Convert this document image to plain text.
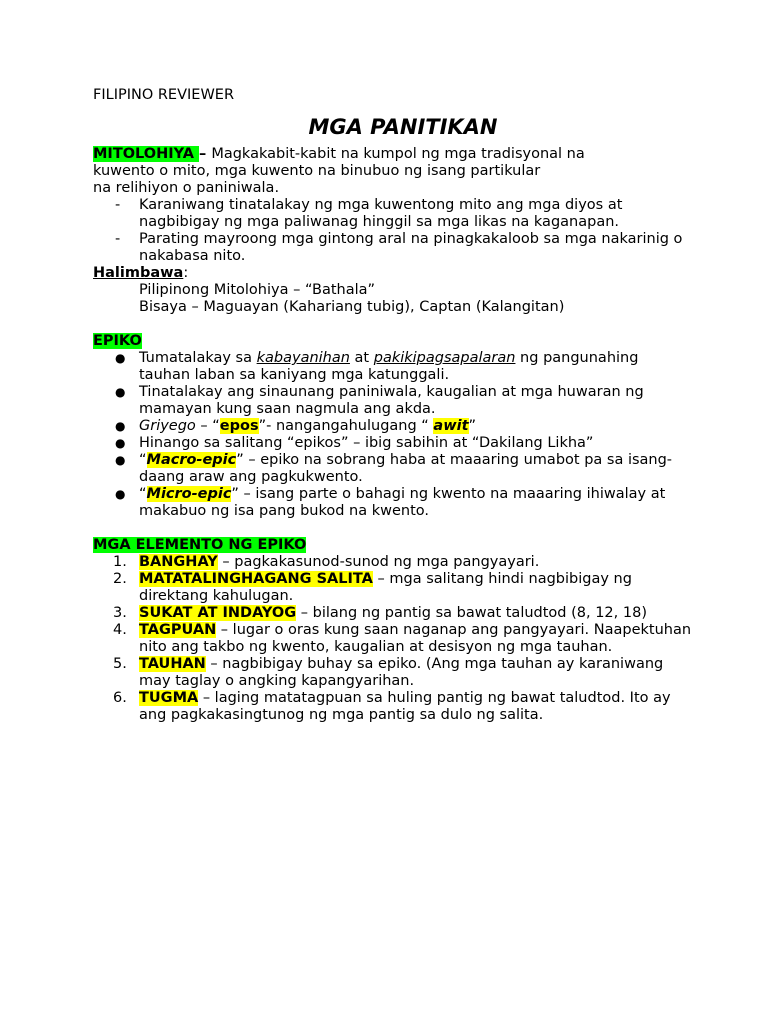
FILIPINO REVIEWER

MGA PANITIKAN

MITOLOHIYA – Magkakabit-kabit na kumpol ng mga tradisyonal na kuwento o mito, mga kuwento na binubuo ng isang partikular

na relihiyon o paniniwala.

- Karaniwang tinatalakay ng mga kuwentong mito ang mga diyos at nagbibigay ng mga paliwanag hinggil sa mga likas na kaganapan.
- Parating mayroong mga gintong aral na pinagkakaloob sa mga nakarinig o nakabasa nito.

Halimbawa:

Pilipinong Mitolohiya – “Bathala”

Bisaya – Maguayan (Kahariang tubig), Captan (Kalangitan)

EPIKO

● Tumatalakay sa kabayanihan at pakikipagsapalaran ng pangunahing tauhan laban sa kaniyang mga katunggali.
● Tinatalakay ang sinaunang paniniwala, kaugalian at mga huwaran ng mamayan kung saan nagmula ang akda.
● Griyego – “epos”- nangangahulugang “ awit”
● Hinango sa salitang “epikos” – ibig sabihin at “Dakilang Likha”
● “Macro-epic” – epiko na sobrang haba at maaaring umabot pa sa isang-daang araw ang pagkukwento.
● “Micro-epic” – isang parte o bahagi ng kwento na maaaring ihiwalay at makabuo ng isa pang bukod na kwento.

MGA ELEMENTO NG EPIKO

1. BANGHAY – pagkakasunod-sunod ng mga pangyayari.
2. MATATALINGHAGANG SALITA – mga salitang hindi nagbibigay ng direktang kahulugan.
3. SUKAT AT INDAYOG – bilang ng pantig sa bawat taludtod (8, 12, 18)
4. TAGPUAN – lugar o oras kung saan naganap ang pangyayari. Naapektuhan nito ang takbo ng kwento, kaugalian at desisyon ng mga tauhan.
5. TAUHAN – nagbibigay buhay sa epiko. (Ang mga tauhan ay karaniwang may taglay o angking kapangyarihan.
6. TUGMA – laging matatagpuan sa huling pantig ng bawat taludtod. Ito ay ang pagkakasingtunog ng mga pantig sa dulo ng salita.
